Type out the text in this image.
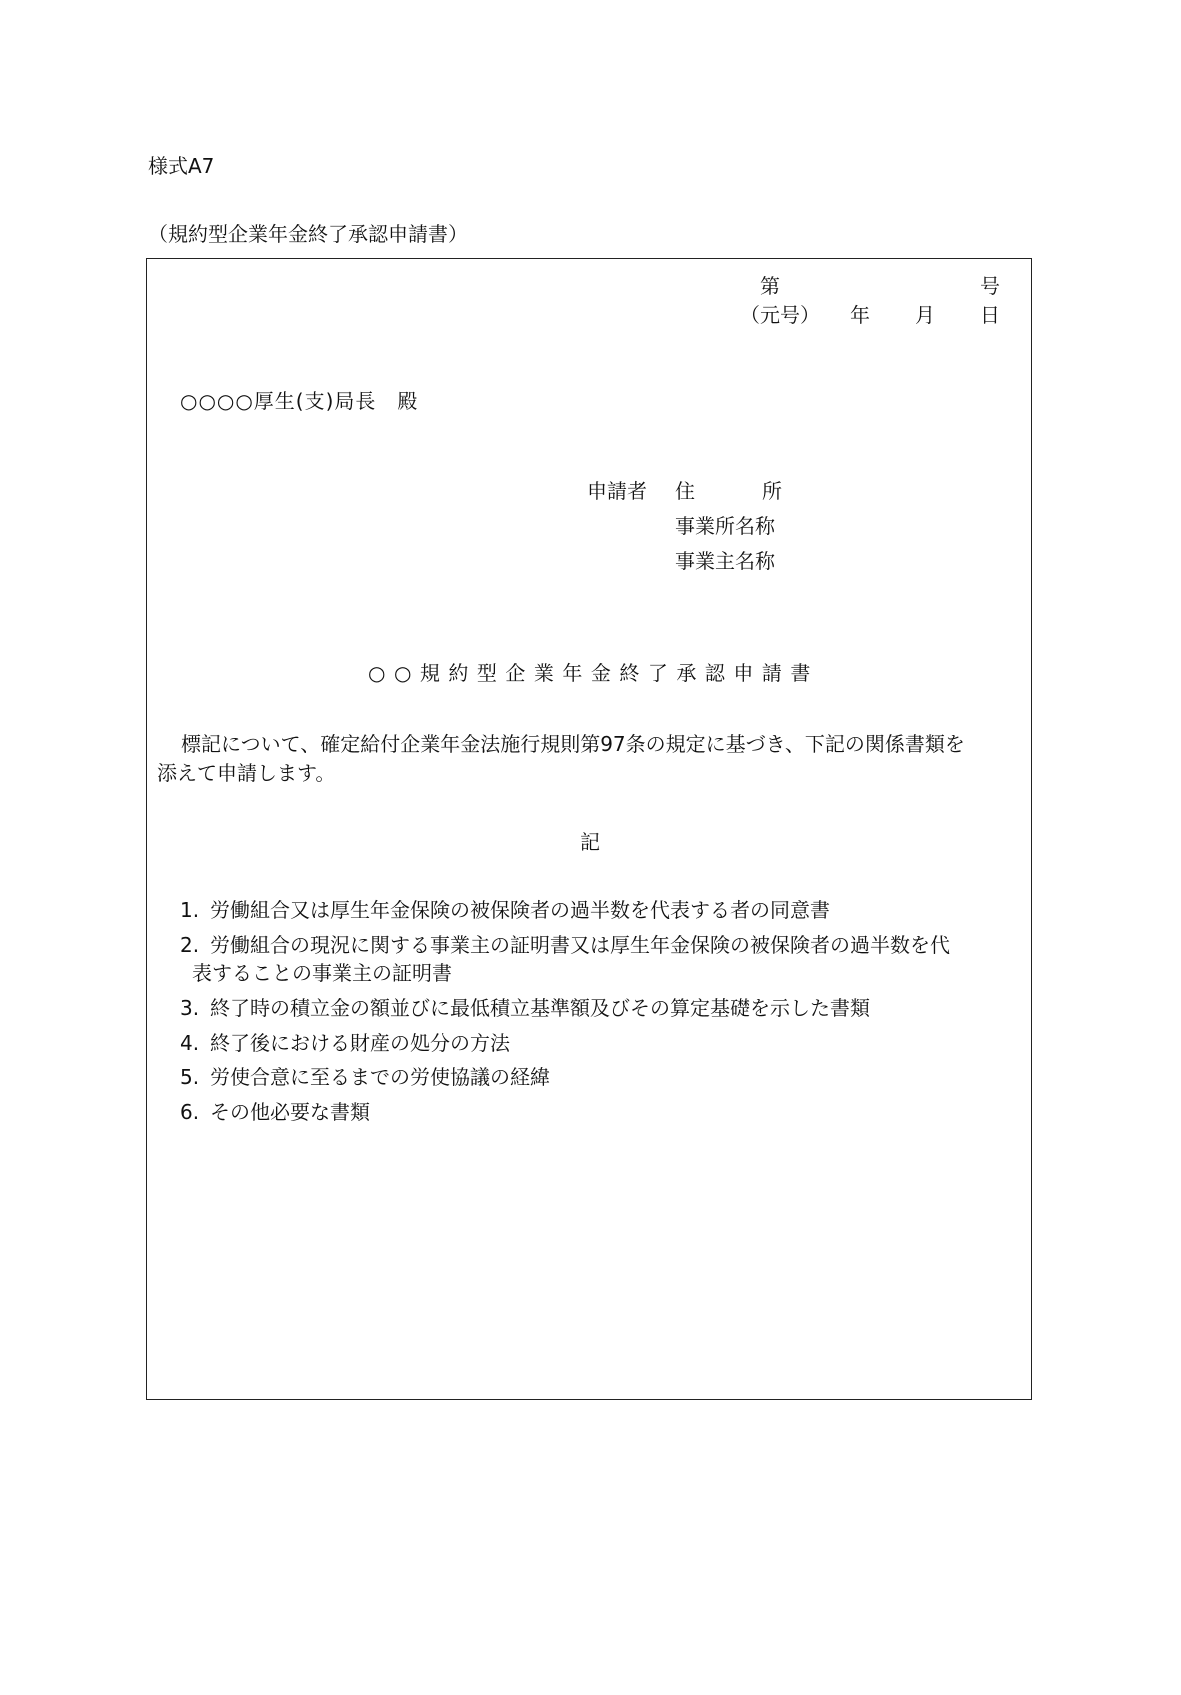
様式A7
（規約型企業年金終了承認申請書）
第	号
（元号） 年 月 日
○○○○厚生(支)局長　殿
申請者 住	所
事業所名称
事業主名称
○○規約型企業年金終了承認申請書
標記について、確定給付企業年金法施行規則第97条の規定に基づき、下記の関係書類を
添えて申請します。
記
1. 労働組合又は厚生年金保険の被保険者の過半数を代表する者の同意書
2. 労働組合の現況に関する事業主の証明書又は厚生年金保険の被保険者の過半数を代
表することの事業主の証明書
3. 終了時の積立金の額並びに最低積立基準額及びその算定基礎を示した書類
4. 終了後における財産の処分の方法
5. 労使合意に至るまでの労使協議の経緯
6. その他必要な書類
